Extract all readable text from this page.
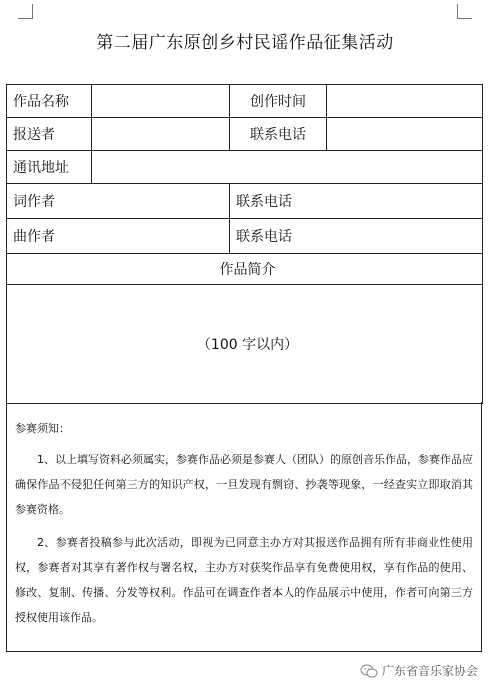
第二届广东原创乡村民谣作品征集活动
作品名称		创作时间	
报送者		联系电话	
通讯地址			
词作者		联系电话	
曲作者		联系电话	
作品简介			
（100 字以内）			
参赛须知：

1、以上填写资料必须属实，参赛作品必须是参赛人（团队）的原创音乐作品，参赛作品应确保作品不侵犯任何第三方的知识产权，一旦发现有剽窃、抄袭等现象，一经查实立即取消其参赛资格。

2、参赛者投稿参与此次活动，即视为已同意主办方对其报送作品拥有所有非商业性使用权，参赛者对其享有著作权与署名权，主办方对获奖作品享有免费使用权，享有作品的使用、修改、复制、传播、分发等权利。作品可在调查作者本人的作品展示中使用，作者可向第三方授权使用该作品。

广东省音乐家协会
